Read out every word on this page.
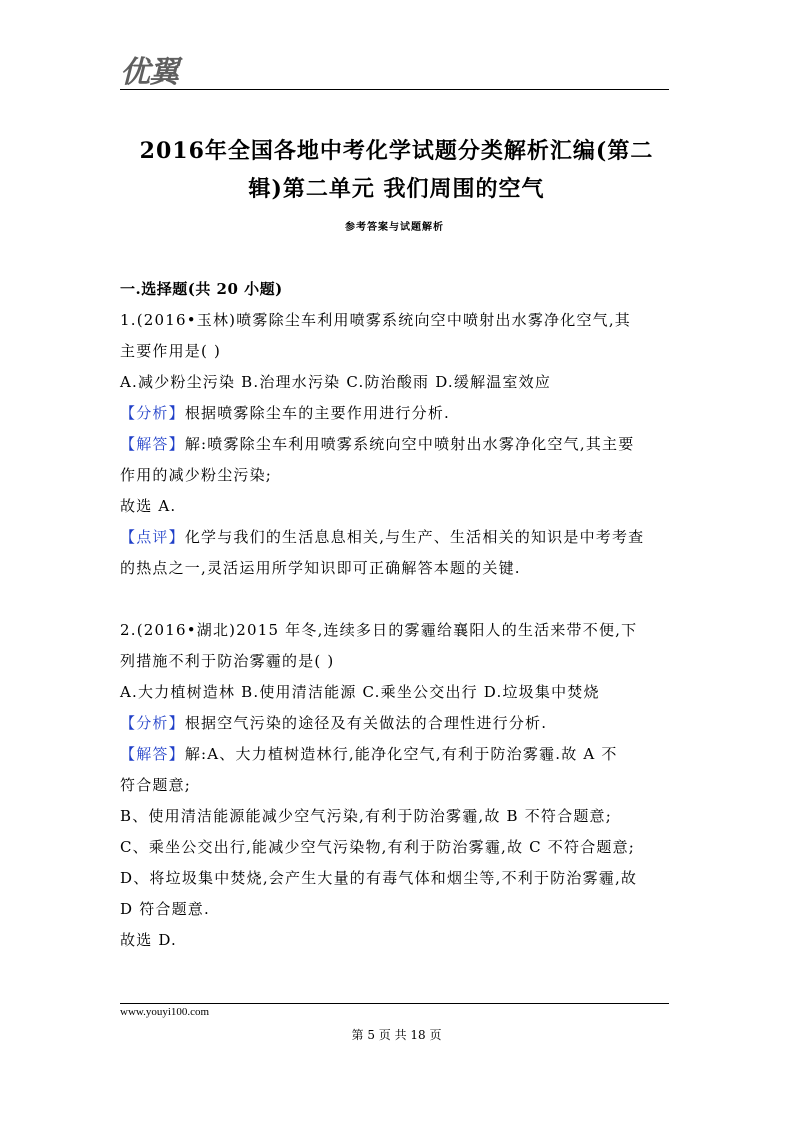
优翼
2016年全国各地中考化学试题分类解析汇编(第二
辑)第二单元 我们周围的空气
参考答案与试题解析
一.选择题(共 20 小题)
1.(2016•玉林)喷雾除尘车利用喷雾系统向空中喷射出水雾净化空气,其
主要作用是( )
A.减少粉尘污染 B.治理水污染 C.防治酸雨 D.缓解温室效应
【分析】根据喷雾除尘车的主要作用进行分析.
【解答】解:喷雾除尘车利用喷雾系统向空中喷射出水雾净化空气,其主要
作用的减少粉尘污染;
故选 A.
【点评】化学与我们的生活息息相关,与生产、生活相关的知识是中考考查
的热点之一,灵活运用所学知识即可正确解答本题的关键.
2.(2016•湖北)2015 年冬,连续多日的雾霾给襄阳人的生活来带不便,下
列措施不利于防治雾霾的是( )
A.大力植树造林 B.使用清洁能源 C.乘坐公交出行 D.垃圾集中焚烧
【分析】根据空气污染的途径及有关做法的合理性进行分析.
【解答】解:A、大力植树造林行,能净化空气,有利于防治雾霾.故 A 不
符合题意;
B、使用清洁能源能减少空气污染,有利于防治雾霾,故 B 不符合题意;
C、乘坐公交出行,能减少空气污染物,有利于防治雾霾,故 C 不符合题意;
D、将垃圾集中焚烧,会产生大量的有毒气体和烟尘等,不利于防治雾霾,故
D 符合题意.
故选 D.
www.youyi100.com
第 5 页 共 18 页
